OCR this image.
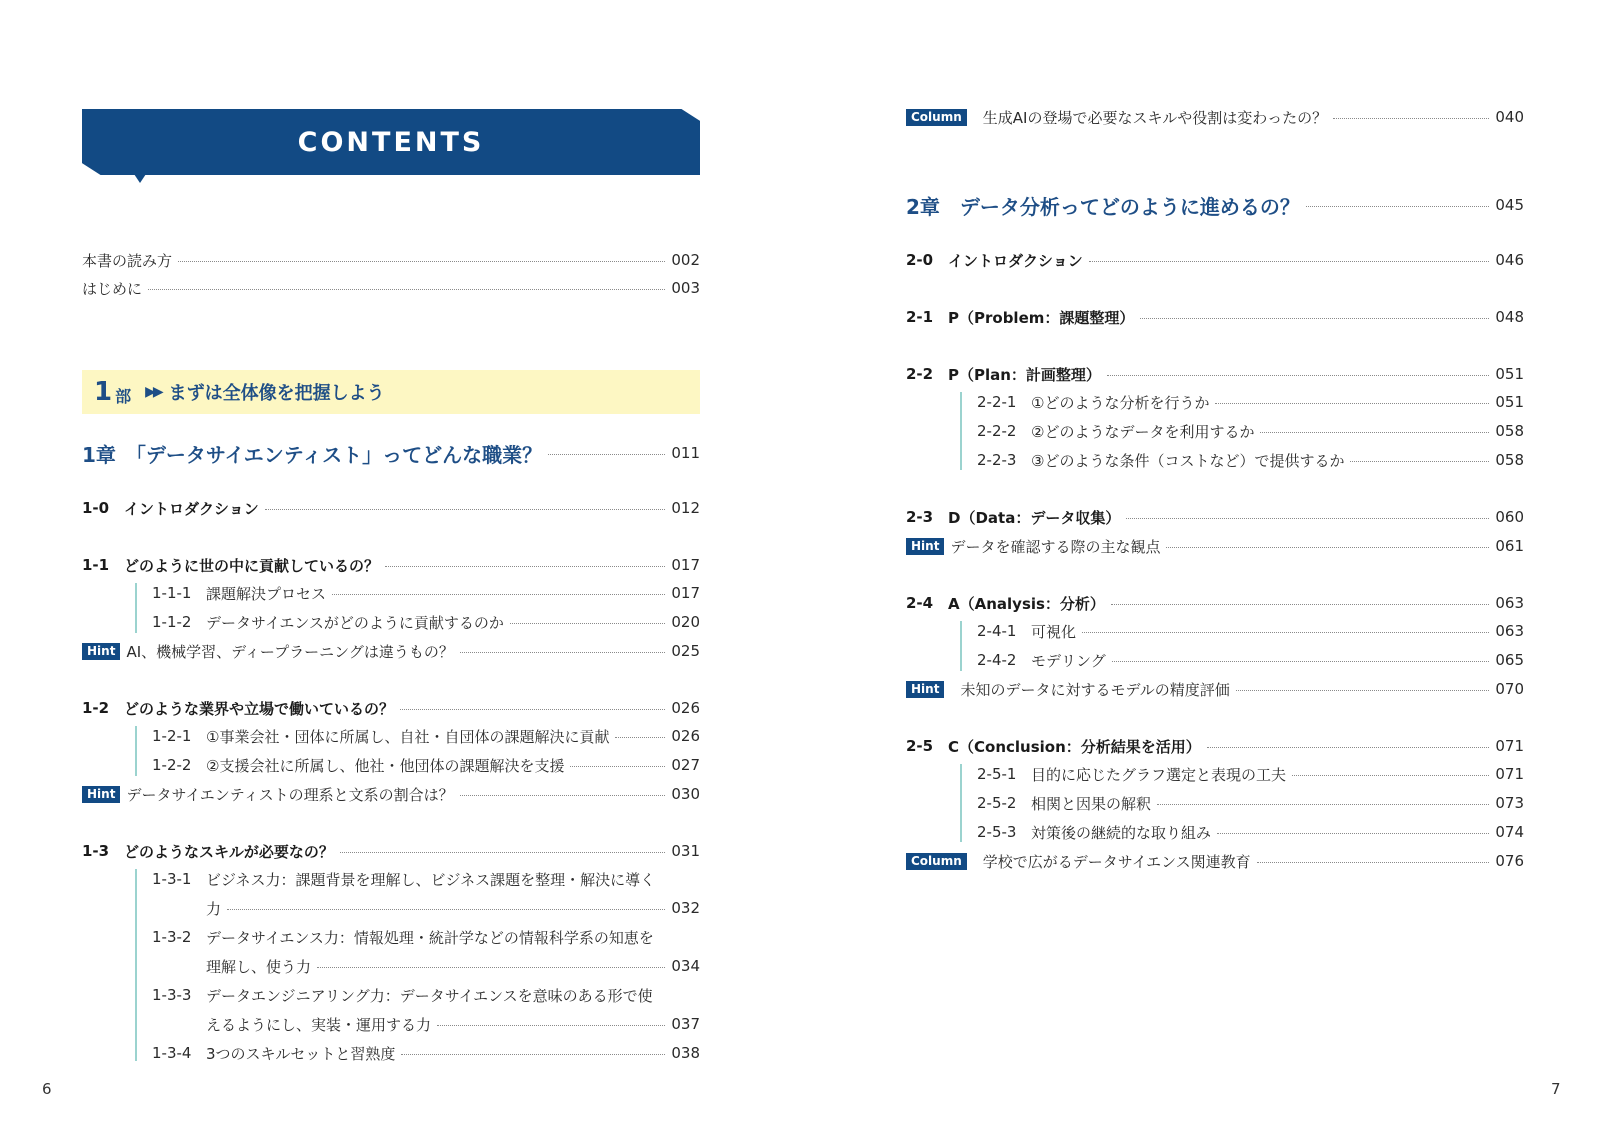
CONTENTS
本書の読み方	002
はじめに	003
1 部 ▶▶ まずは全体像を把握しよう
1章　「データサイエンティスト」ってどんな職業？	011
1-0 イントロダクション	012
1-1 どのように世の中に貢献しているの？	017
1-1-1 課題解決プロセス	017
1-1-2 データサイエンスがどのように貢献するのか	020
Hint AI、機械学習、ディープラーニングは違うもの？	025
1-2 どのような業界や立場で働いているの？	026
1-2-1 ①事業会社・団体に所属し、自社・自団体の課題解決に貢献	026
1-2-2 ②支援会社に所属し、他社・他団体の課題解決を支援	027
Hint データサイエンティストの理系と文系の割合は？	030
1-3 どのようなスキルが必要なの？	031
1-3-1 ビジネス力：課題背景を理解し、ビジネス課題を整理・解決に導く
力	032
1-3-2 データサイエンス力：情報処理・統計学などの情報科学系の知恵を
理解し、使う力	034
1-3-3 データエンジニアリング力：データサイエンスを意味のある形で使
えるようにし、実装・運用する力	037
1-3-4 3つのスキルセットと習熟度	038
6
Column	生成AIの登場で必要なスキルや役割は変わったの？	040
2章　データ分析ってどのように進めるの？	045
2-0 イントロダクション	046
2-1 P（Problem：課題整理）	048
2-2 P（Plan：計画整理）	051
2-2-1 ①どのような分析を行うか	051
2-2-2 ②どのようなデータを利用するか	058
2-2-3 ③どのような条件（コストなど）で提供するか	058
2-3 D（Data：データ収集）	060
Hint データを確認する際の主な観点	061
2-4 A（Analysis：分析）	063
2-4-1 可視化	063
2-4-2 モデリング	065
Hint	未知のデータに対するモデルの精度評価	070
2-5 C（Conclusion：分析結果を活用）	071
2-5-1 目的に応じたグラフ選定と表現の工夫	071
2-5-2 相関と因果の解釈	073
2-5-3 対策後の継続的な取り組み	074
Column	学校で広がるデータサイエンス関連教育	076
7
